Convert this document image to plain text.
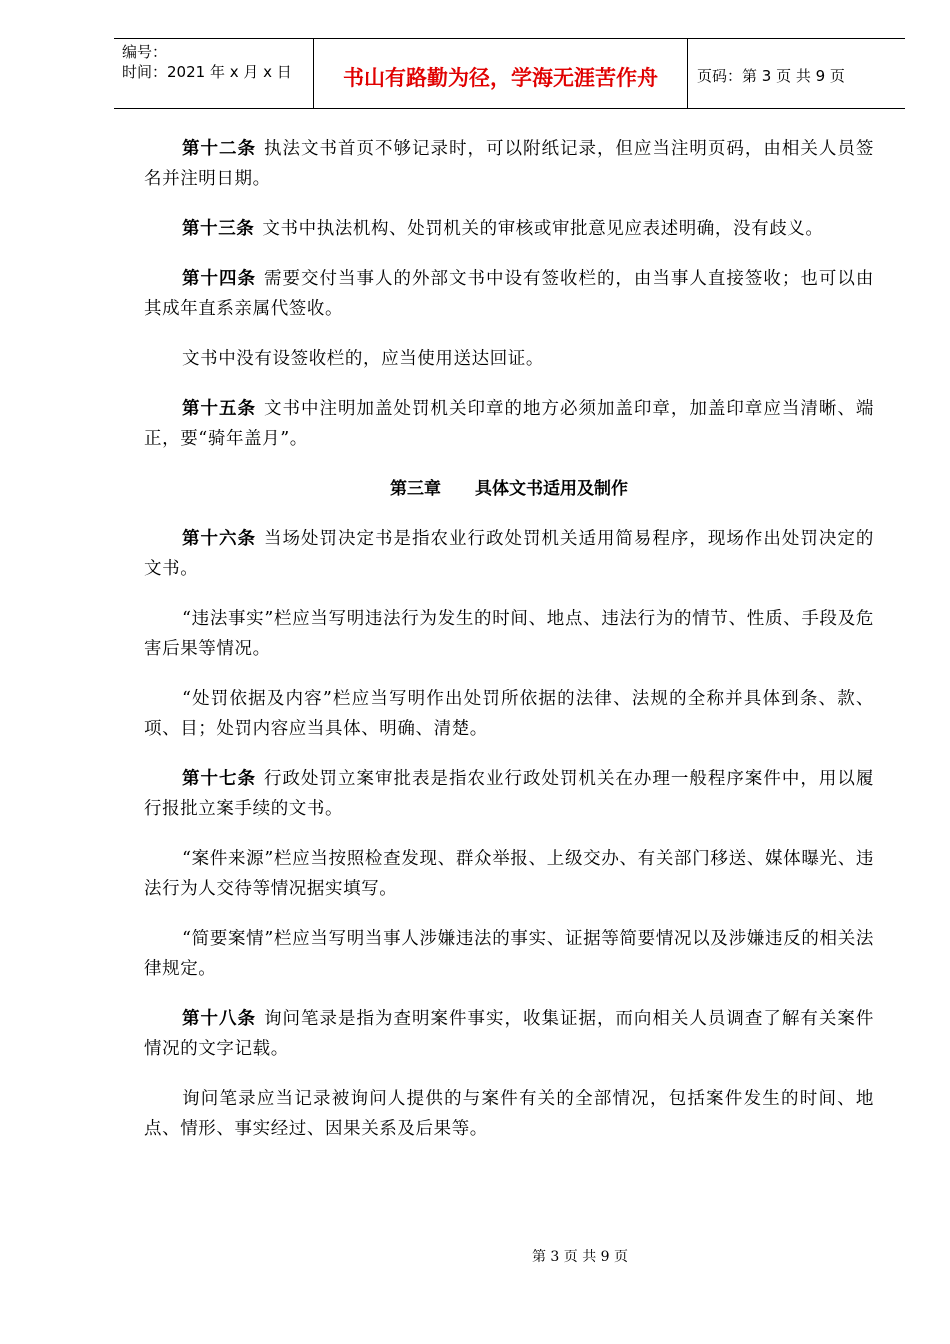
编号：
时间：2021 年 x 月 x 日	书山有路勤为径，学海无涯苦作舟	页码：第 3 页 共 9 页

第十二条 执法文书首页不够记录时，可以附纸记录，但应当注明页码，由相关人员签名并注明日期。

第十三条 文书中执法机构、处罚机关的审核或审批意见应表述明确，没有歧义。

第十四条 需要交付当事人的外部文书中设有签收栏的，由当事人直接签收；也可以由其成年直系亲属代签收。

文书中没有设签收栏的，应当使用送达回证。

第十五条 文书中注明加盖处罚机关印章的地方必须加盖印章，加盖印章应当清晰、端正，要“骑年盖月”。

第三章 具体文书适用及制作

第十六条 当场处罚决定书是指农业行政处罚机关适用简易程序，现场作出处罚决定的文书。

“违法事实”栏应当写明违法行为发生的时间、地点、违法行为的情节、性质、手段及危害后果等情况。

“处罚依据及内容”栏应当写明作出处罚所依据的法律、法规的全称并具体到条、款、项、目；处罚内容应当具体、明确、清楚。

第十七条 行政处罚立案审批表是指农业行政处罚机关在办理一般程序案件中，用以履行报批立案手续的文书。

“案件来源”栏应当按照检查发现、群众举报、上级交办、有关部门移送、媒体曝光、违法行为人交待等情况据实填写。

“简要案情”栏应当写明当事人涉嫌违法的事实、证据等简要情况以及涉嫌违反的相关法律规定。

第十八条 询问笔录是指为查明案件事实，收集证据，而向相关人员调查了解有关案件情况的文字记载。

询问笔录应当记录被询问人提供的与案件有关的全部情况，包括案件发生的时间、地点、情形、事实经过、因果关系及后果等。

第 3 页 共 9 页
